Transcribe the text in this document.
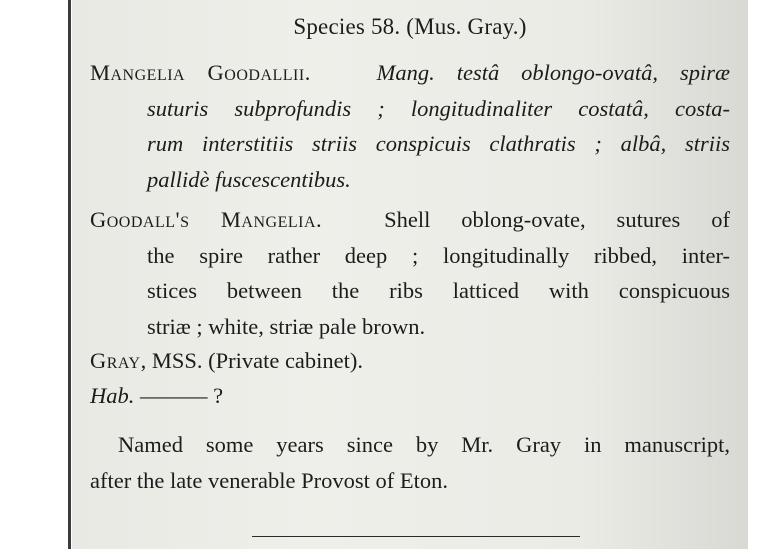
Species 58. (Mus. Gray.)
Mangelia Goodallii.	Mang. testâ oblongo-ovatâ, spiræ
suturis subprofundis ; longitudinaliter costatâ, costa-
rum interstitiis striis conspicuis clathratis ; albâ, striis
pallidè fuscescentibus.
Goodall's Mangelia.	Shell oblong-ovate, sutures of
the spire rather deep ; longitudinally ribbed, inter-
stices between the ribs latticed with conspicuous
striæ ; white, striæ pale brown.
Gray, MSS. (Private cabinet).
Hab. ——— ?
Named some years since by Mr. Gray in manuscript,
after the late venerable Provost of Eton.
